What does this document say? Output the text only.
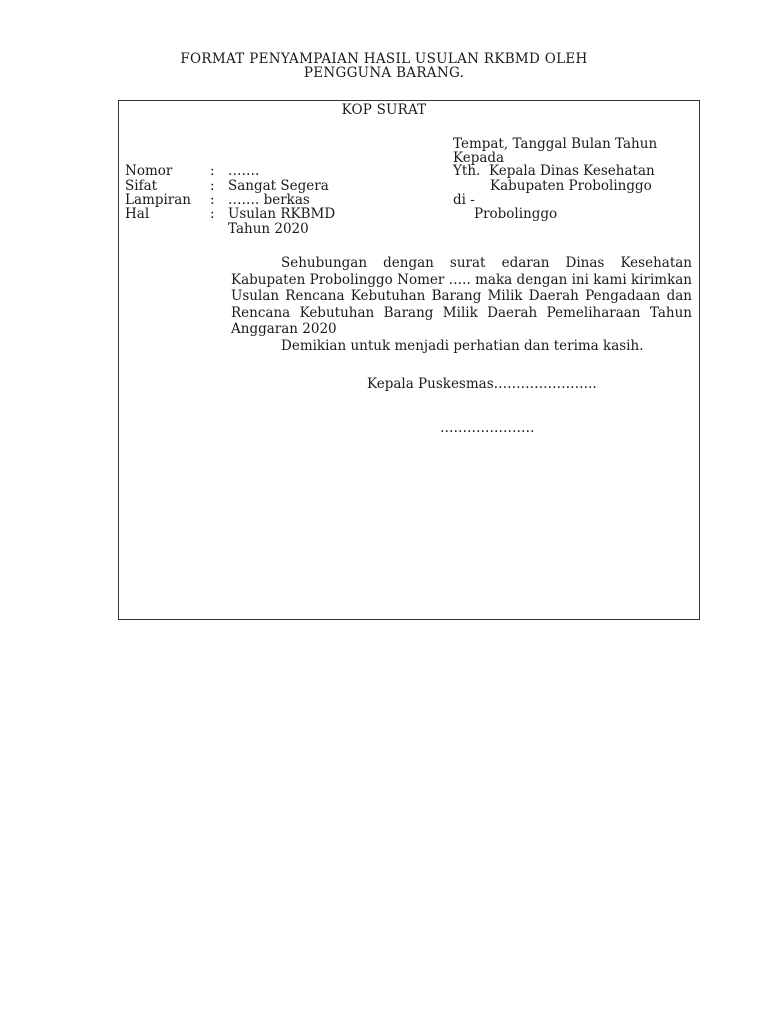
FORMAT PENYAMPAIAN HASIL USULAN RKBMD OLEH
PENGGUNA BARANG.
KOP SURAT
Tempat, Tanggal Bulan Tahun
Kepada
Yth. Kepala Dinas Kesehatan
Kabupaten Probolinggo
di -
Probolinggo
Nomor	: …….
Sifat	: Sangat Segera
Lampiran : ……. berkas
Hal	: Usulan RKBMD
Tahun 2020

Sehubungan dengan surat edaran Dinas Kesehatan Kabupaten Probolinggo Nomer ….. maka dengan ini kami kirimkan Usulan Rencana Kebutuhan Barang Milik Daerah Pengadaan dan Rencana Kebutuhan Barang Milik Daerah Pemeliharaan Tahun Anggaran 2020

Demikian untuk menjadi perhatian dan terima kasih.

Kepala Puskesmas…………………..
…………………
